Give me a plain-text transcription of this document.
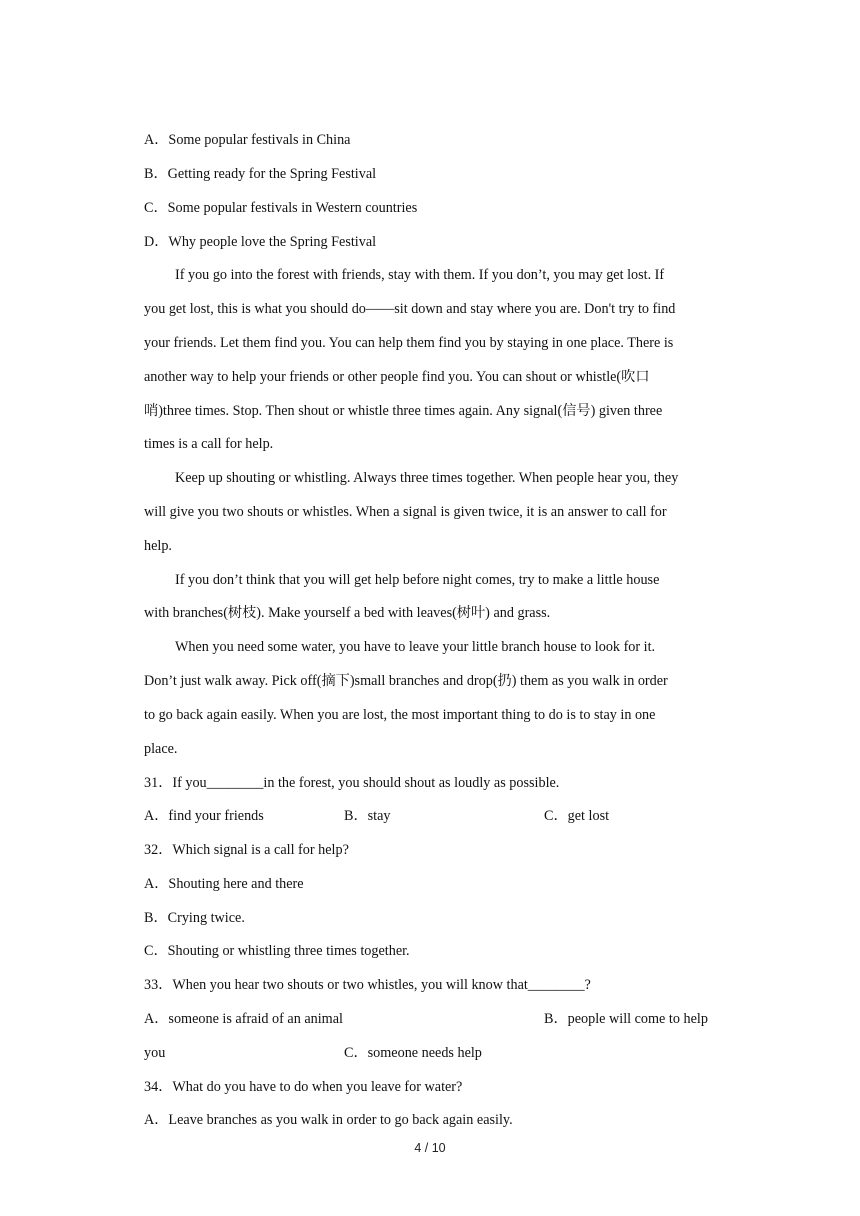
A．Some popular festivals in China
B．Getting ready for the Spring Festival
C．Some popular festivals in Western countries
D．Why people love the Spring Festival
If you go into the forest with friends, stay with them. If you don’t, you may get lost. If
you get lost, this is what you should do——sit down and stay where you are. Don't try to find
your friends. Let them find you. You can help them find you by staying in one place. There is
another way to help your friends or other people find you. You can shout or whistle(吹口
哨)three times. Stop. Then shout or whistle three times again. Any signal(信号) given three
times is a call for help.
Keep up shouting or whistling. Always three times together. When people hear you, they
will give you two shouts or whistles. When a signal is given twice, it is an answer to call for
help.
If you don’t think that you will get help before night comes, try to make a little house
with branches(树枝). Make yourself a bed with leaves(树叶) and grass.
When you need some water, you have to leave your little branch house to look for it.
Don’t just walk away. Pick off(摘下)small branches and drop(扔) them as you walk in order
to go back again easily. When you are lost, the most important thing to do is to stay in one
place.
31．If you________in the forest, you should shout as loudly as possible.
A．find your friends	B．stay	C．get lost
32．Which signal is a call for help?
A．Shouting here and there
B．Crying twice.
C．Shouting or whistling three times together.
33．When you hear two shouts or two whistles, you will know that________?
A．someone is afraid of an animal	B．people will come to help
you	C．someone needs help
34．What do you have to do when you leave for water?
A．Leave branches as you walk in order to go back again easily.
4 / 10
